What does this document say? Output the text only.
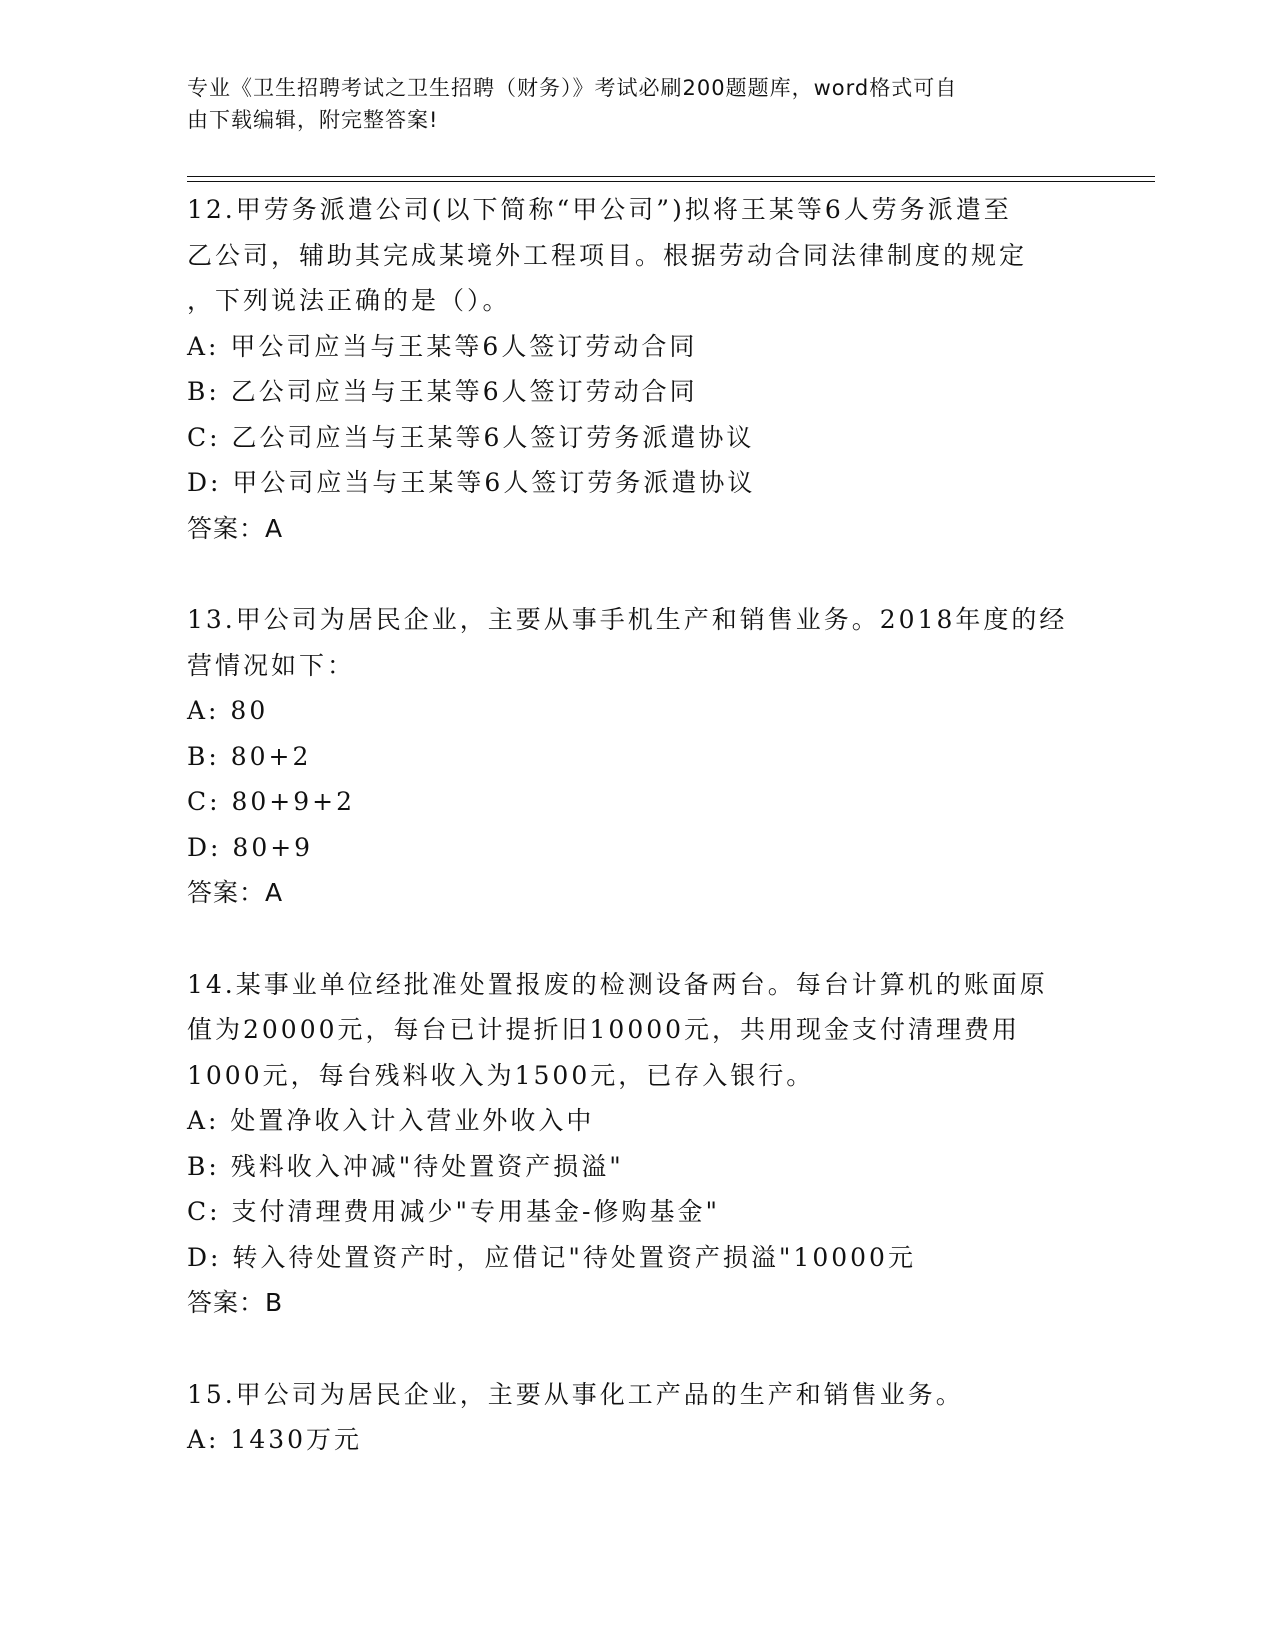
专业《卫生招聘考试之卫生招聘（财务）》考试必刷200题题库，word格式可自
由下载编辑，附完整答案!
12.甲劳务派遣公司(以下简称“甲公司”)拟将王某等6人劳务派遣至
乙公司，辅助其完成某境外工程项目。根据劳动合同法律制度的规定
，下列说法正确的是（）。
A: 甲公司应当与王某等6人签订劳动合同
B: 乙公司应当与王某等6人签订劳动合同
C: 乙公司应当与王某等6人签订劳务派遣协议
D: 甲公司应当与王某等6人签订劳务派遣协议
答案：A
13.甲公司为居民企业，主要从事手机生产和销售业务。2018年度的经
营情况如下：
A: 80
B: 80+2
C: 80+9+2
D: 80+9
答案：A
14.某事业单位经批准处置报废的检测设备两台。每台计算机的账面原
值为20000元，每台已计提折旧10000元，共用现金支付清理费用
1000元，每台残料收入为1500元，已存入银行。
A: 处置净收入计入营业外收入中
B: 残料收入冲减"待处置资产损溢"
C: 支付清理费用减少"专用基金-修购基金"
D: 转入待处置资产时，应借记"待处置资产损溢"10000元
答案：B
15.甲公司为居民企业，主要从事化工产品的生产和销售业务。
A: 1430万元
